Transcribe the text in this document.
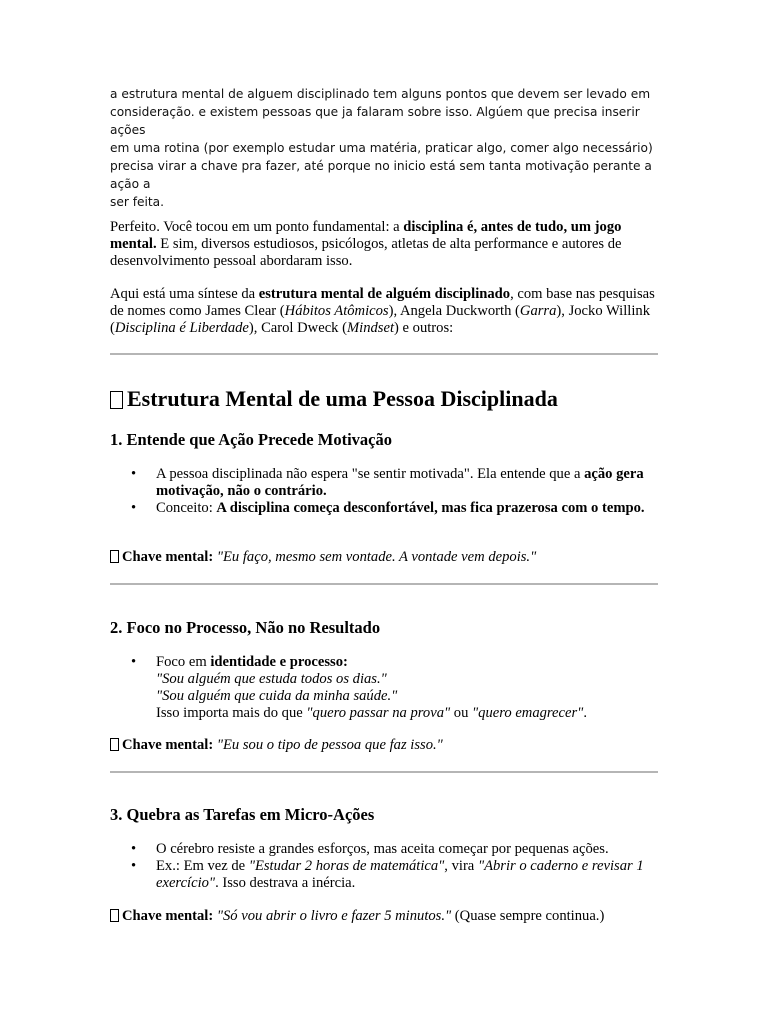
a estrutura mental de alguem disciplinado tem alguns pontos que devem ser levado em
consideração. e existem pessoas que ja falaram sobre isso. Algúem que precisa inserir ações
em uma rotina (por exemplo estudar uma matéria, praticar algo, comer algo necessário)
precisa virar a chave pra fazer, até porque no inicio está sem tanta motivação perante a ação a
ser feita.

Perfeito. Você tocou em um ponto fundamental: a disciplina é, antes de tudo, um jogo mental. E sim, diversos estudiosos, psicólogos, atletas de alta performance e autores de desenvolvimento pessoal abordaram isso.

Aqui está uma síntese da estrutura mental de alguém disciplinado, com base nas pesquisas de nomes como James Clear (Hábitos Atômicos), Angela Duckworth (Garra), Jocko Willink (Disciplina é Liberdade), Carol Dweck (Mindset) e outros:

Estrutura Mental de uma Pessoa Disciplinada
1. Entende que Ação Precede Motivação
• A pessoa disciplinada não espera "se sentir motivada". Ela entende que a ação gera motivação, não o contrário.
• Conceito: A disciplina começa desconfortável, mas fica prazerosa com o tempo.
Chave mental: "Eu faço, mesmo sem vontade. A vontade vem depois."
2. Foco no Processo, Não no Resultado
• Foco em identidade e processo:
"Sou alguém que estuda todos os dias."
"Sou alguém que cuida da minha saúde."
Isso importa mais do que "quero passar na prova" ou "quero emagrecer".
Chave mental: "Eu sou o tipo de pessoa que faz isso."
3. Quebra as Tarefas em Micro-Ações
• O cérebro resiste a grandes esforços, mas aceita começar por pequenas ações.
• Ex.: Em vez de "Estudar 2 horas de matemática", vira "Abrir o caderno e revisar 1 exercício". Isso destrava a inércia.
Chave mental: "Só vou abrir o livro e fazer 5 minutos." (Quase sempre continua.)
